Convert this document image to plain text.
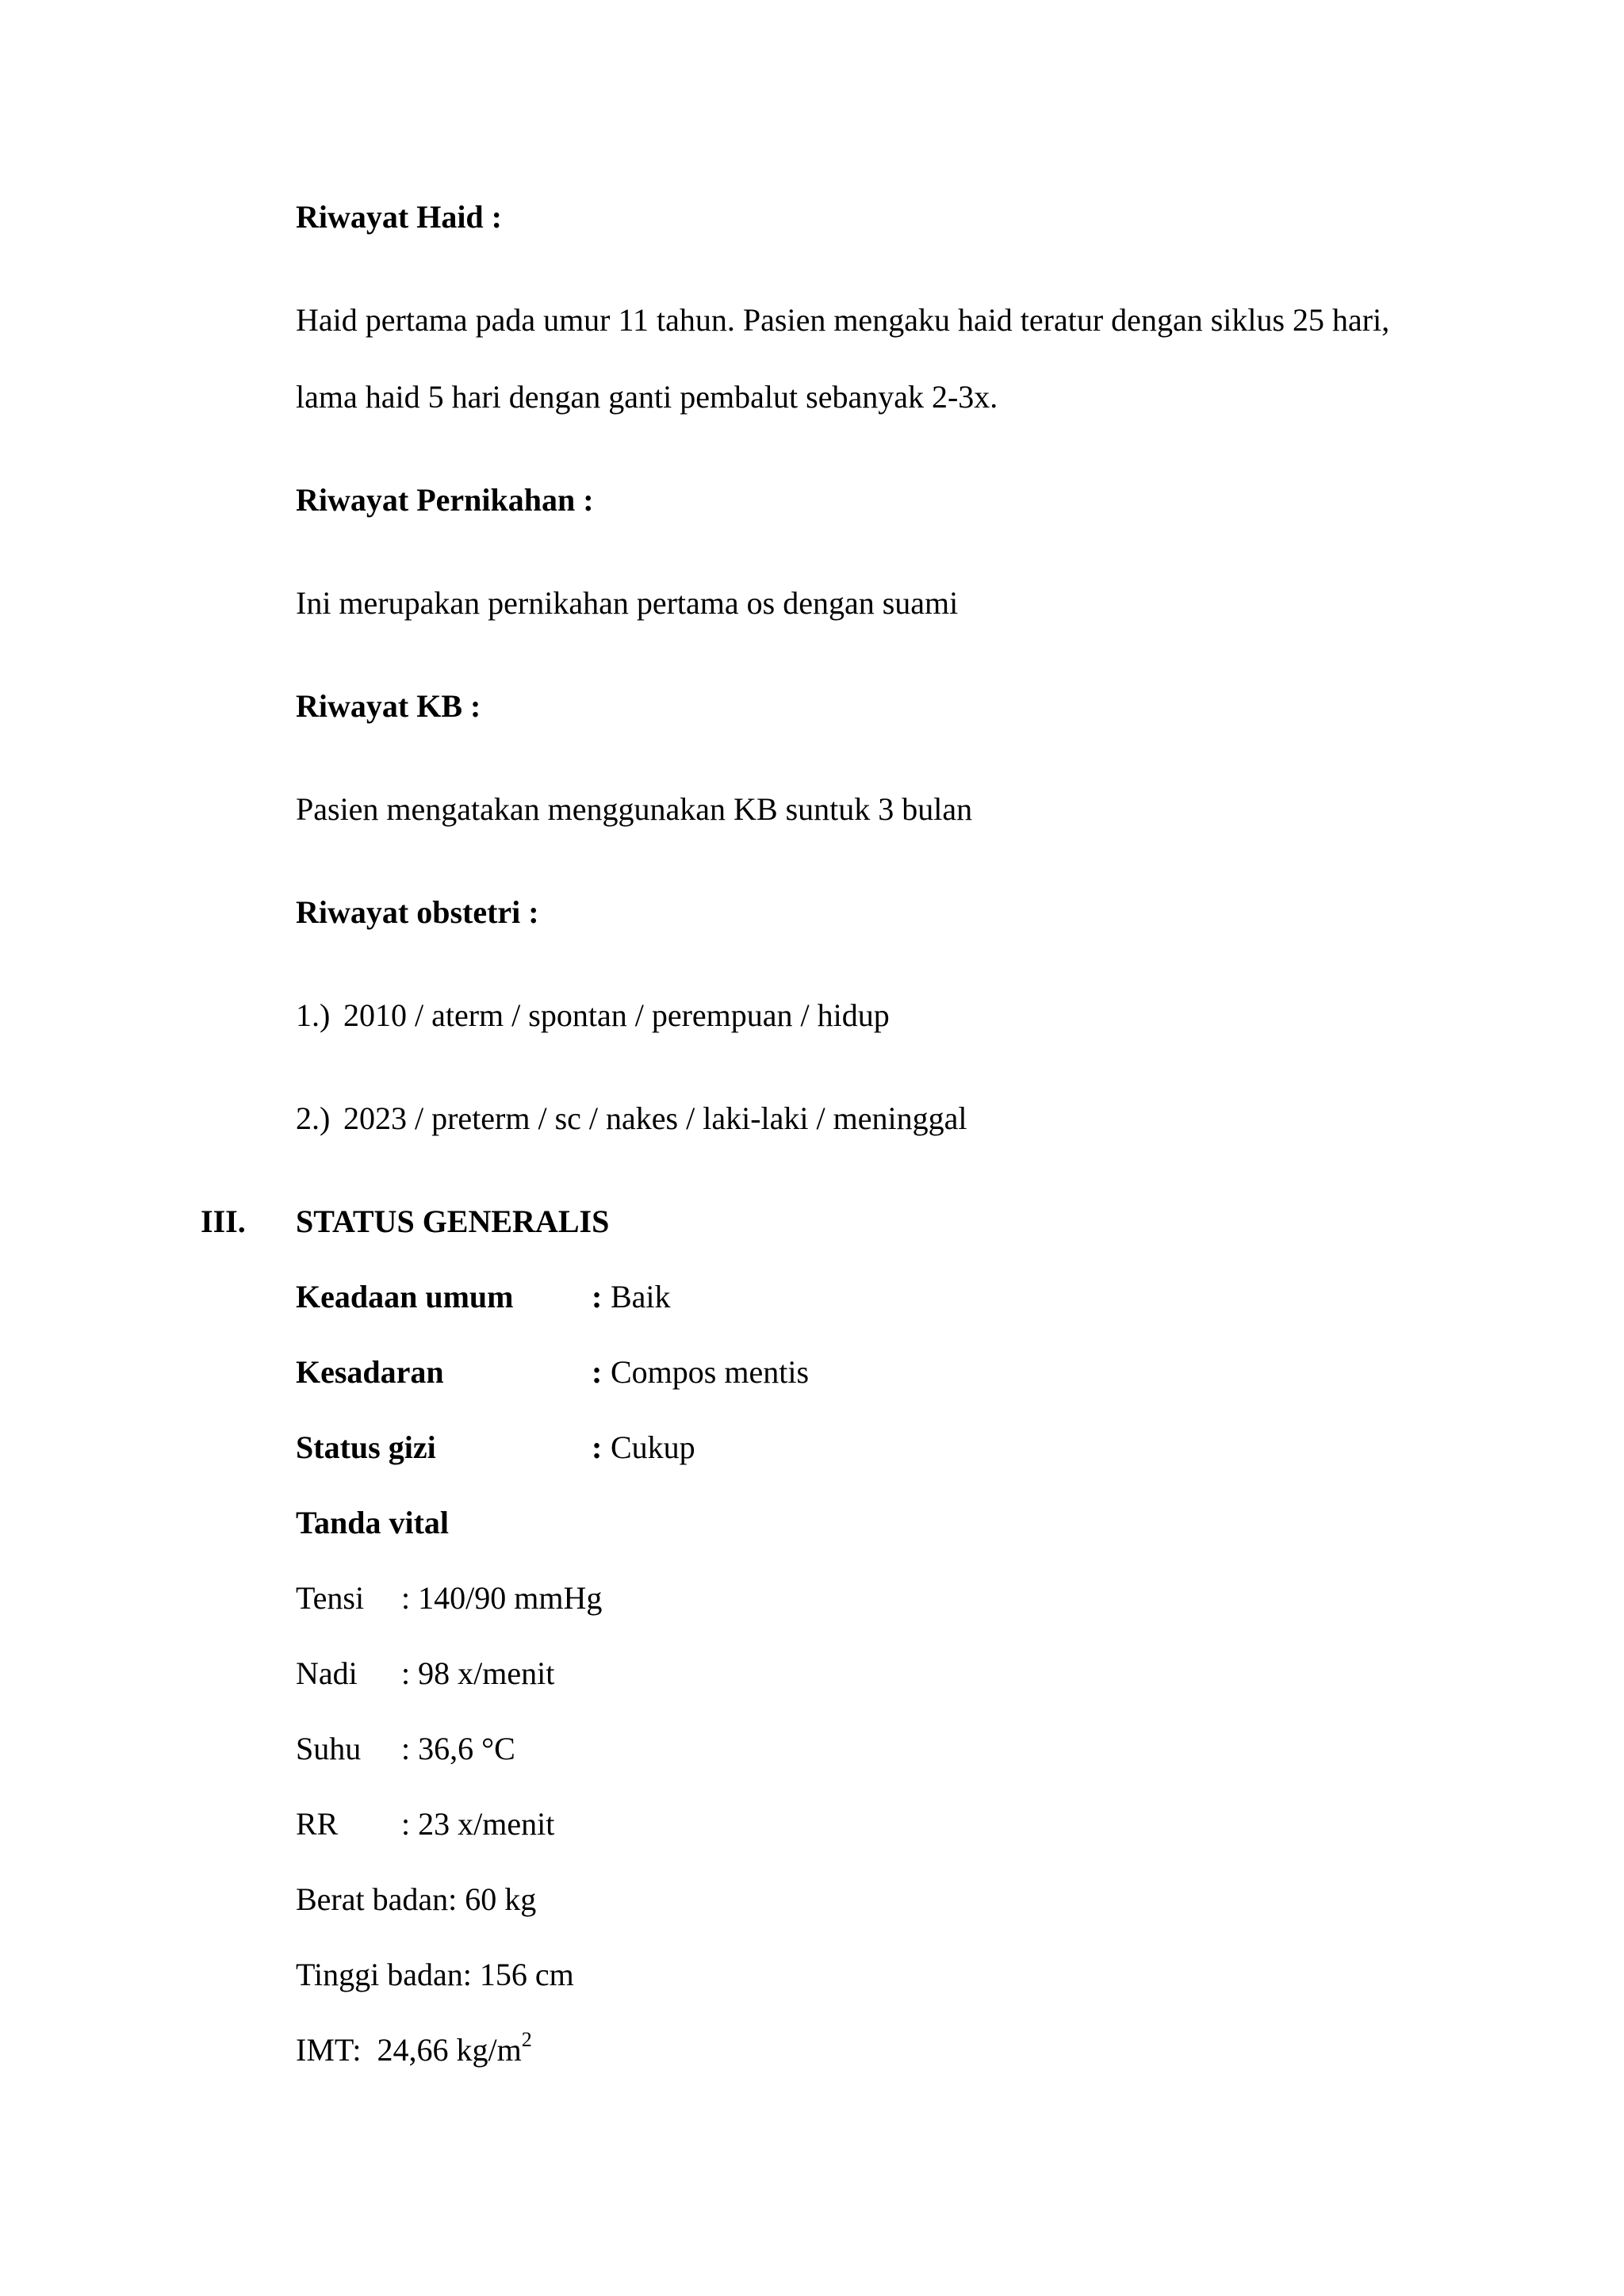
Riwayat Haid :
Haid pertama pada umur 11 tahun. Pasien mengaku haid teratur dengan siklus 25 hari,
lama haid 5 hari dengan ganti pembalut sebanyak 2-3x.
Riwayat Pernikahan :
Ini merupakan pernikahan pertama os dengan suami
Riwayat KB :
Pasien mengatakan menggunakan KB suntuk 3 bulan
Riwayat obstetri :
1.) 2010 / aterm / spontan / perempuan / hidup
2.) 2023 / preterm / sc / nakes / laki-laki / meninggal
III. STATUS GENERALIS
Keadaan umum : Baik
Kesadaran	: Compos mentis
Status gizi	: Cukup
Tanda vital
Tensi : 140/90 mmHg
Nadi : 98 x/menit
Suhu : 36,6 °C
RR : 23 x/menit
Berat badan: 60 kg
Tinggi badan: 156 cm
IMT: 24,66 $kg/m^2$
